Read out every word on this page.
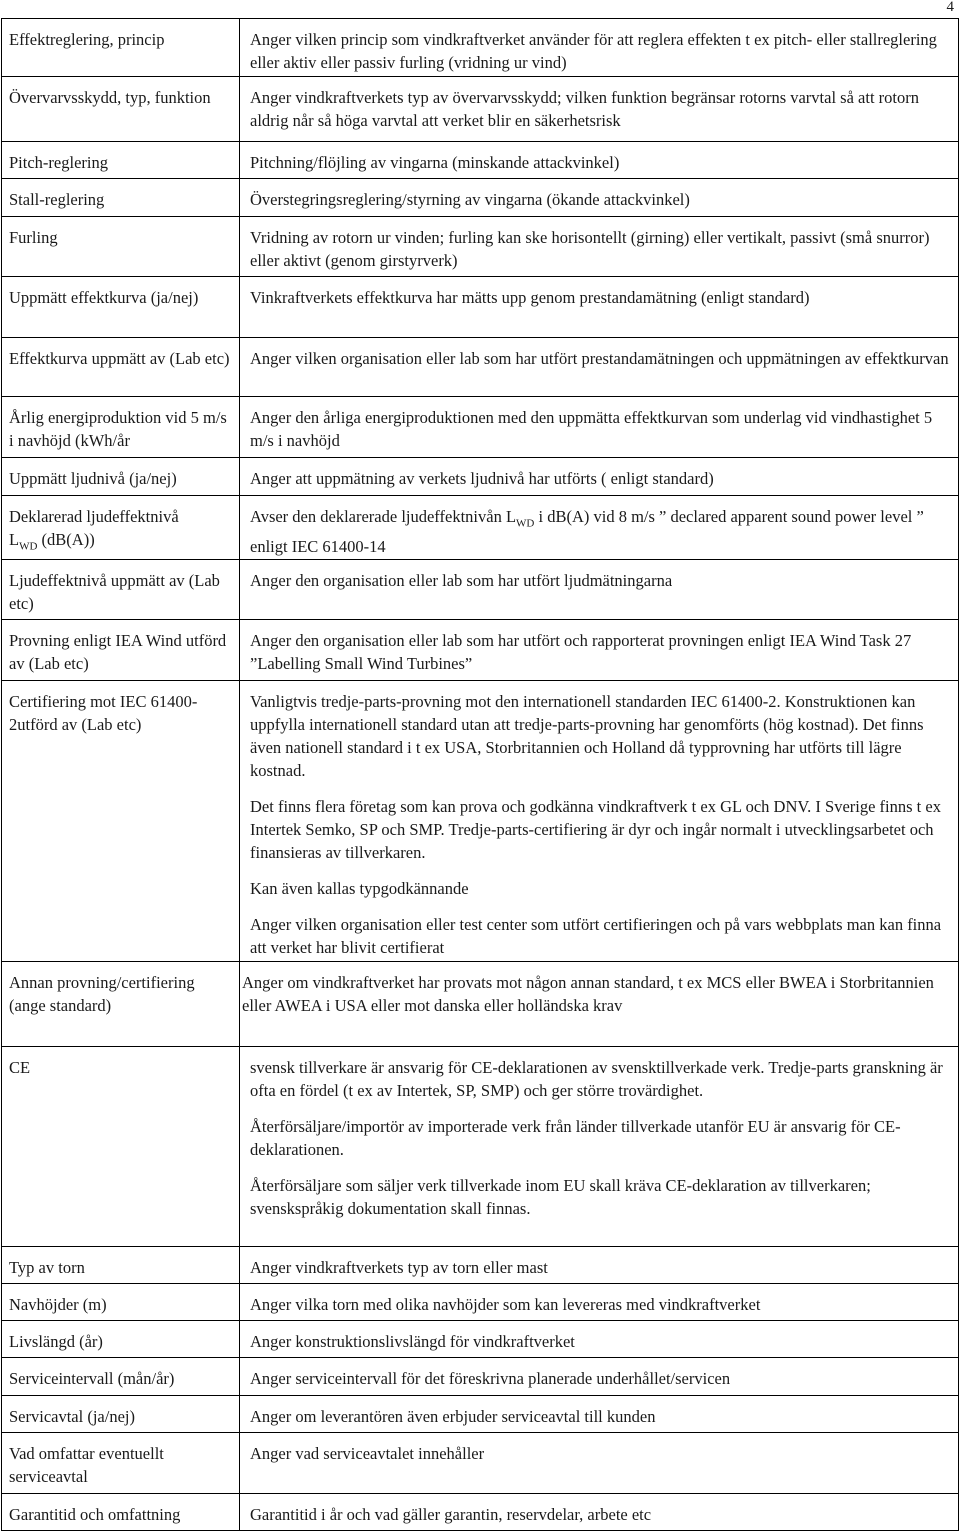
4
Effektreglering, princip	Anger vilken princip som vindkraftverket använder för att reglera effekten t ex pitch- eller stallreglering eller aktiv eller passiv furling (vridning ur vind)

Övervarvsskydd, typ, funktion	Anger vindkraftverkets typ av övervarvsskydd; vilken funktion begränsar rotorns varvtal så att rotorn aldrig når så höga varvtal att verket blir en säkerhetsrisk

Pitch-reglering	Pitchning/flöjling av vingarna (minskande attackvinkel)

Stall-reglering	Överstegringsreglering/styrning av vingarna (ökande attackvinkel)

Furling	Vridning av rotorn ur vinden; furling kan ske horisontellt (girning) eller vertikalt, passivt (små snurror) eller aktivt (genom girstyrverk)

Uppmätt effektkurva (ja/nej)	Vinkraftverkets effektkurva har mätts upp genom prestandamätning (enligt standard)

Effektkurva uppmätt av (Lab etc)	Anger vilken organisation eller lab som har utfört prestandamätningen och uppmätningen av effektkurvan

Årlig energiproduktion vid 5 m/s i navhöjd (kWh/år	Anger den årliga energiproduktionen med den uppmätta effektkurvan som underlag vid vindhastighet 5 m/s i navhöjd

Uppmätt ljudnivå (ja/nej)	Anger att uppmätning av verkets ljudnivå har utförts ( enligt standard)

Deklarerad ljudeffektnivå
$L_{WD}$ (dB(A))	Avser den deklarerade ljudeffektnivån $L_{WD}$ i dB(A) vid 8 m/s ” declared apparent sound power level ” enligt IEC 61400-14

Ljudeffektnivå uppmätt av (Lab etc)	Anger den organisation eller lab som har utfört ljudmätningarna

Provning enligt IEA Wind utförd av (Lab etc)	Anger den organisation eller lab som har utfört och rapporterat provningen enligt IEA Wind Task 27 ”Labelling Small Wind Turbines”

Certifiering mot IEC 61400-2utförd av (Lab etc)	Vanligtvis tredje-parts-provning mot den internationell standarden IEC 61400-2. Konstruktionen kan uppfylla internationell standard utan att tredje-parts-provning har genomförts (hög kostnad). Det finns även nationell standard i t ex USA, Storbritannien och Holland då typprovning har utförts till lägre kostnad.
Det finns flera företag som kan prova och godkänna vindkraftverk t ex GL och DNV. I Sverige finns t ex Intertek Semko, SP och SMP. Tredje-parts-certifiering är dyr och ingår normalt i utvecklingsarbetet och finansieras av tillverkaren.
Kan även kallas typgodkännande
Anger vilken organisation eller test center som utfört certifieringen och på vars webbplats man kan finna att verket har blivit certifierat

Annan provning/certifiering (ange standard)	Anger om vindkraftverket har provats mot någon annan standard, t ex MCS eller BWEA i Storbritannien eller AWEA i USA eller mot danska eller holländska krav

CE	svensk tillverkare är ansvarig för CE-deklarationen av svensktillverkade verk. Tredje-parts granskning är ofta en fördel (t ex av Intertek, SP, SMP) och ger större trovärdighet.
Återförsäljare/importör av importerade verk från länder tillverkade utanför EU är ansvarig för CE-deklarationen.
Återförsäljare som säljer verk tillverkade inom EU skall kräva CE-deklaration av tillverkaren; svenskspråkig dokumentation skall finnas.

Typ av torn	Anger vindkraftverkets typ av torn eller mast

Navhöjder (m)	Anger vilka torn med olika navhöjder som kan levereras med vindkraftverket

Livslängd (år)	Anger konstruktionslivslängd för vindkraftverket

Serviceintervall (mån/år)	Anger serviceintervall för det föreskrivna planerade underhållet/servicen

Servicavtal (ja/nej)	Anger om leverantören även erbjuder serviceavtal till kunden

Vad omfattar eventuellt serviceavtal	Anger vad serviceavtalet innehåller

Garantitid och omfattning	Garantitid i år och vad gäller garantin, reservdelar, arbete etc
